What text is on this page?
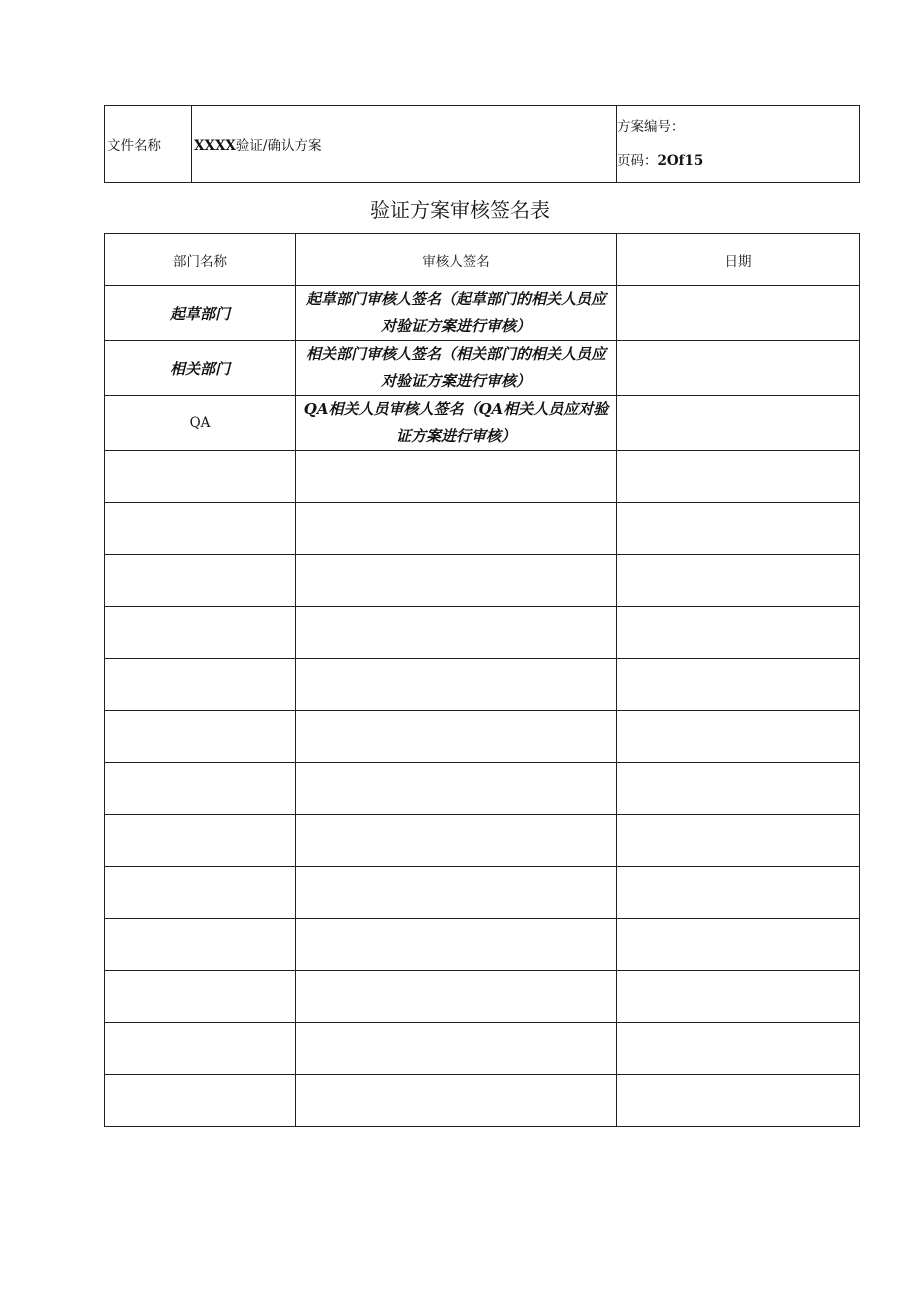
文件名称	XXXX验证/确认方案	
方案编号：
页码：2Of15
验证方案审核签名表
部门名称	审核人签名	日期
起草部门	起草部门审核人签名（起草部门的相关人员应对验证方案进行审核）	
相关部门	相关部门审核人签名（相关部门的相关人员应对验证方案进行审核）	
QA	QA相关人员审核人签名（QA相关人员应对验证方案进行审核）	
